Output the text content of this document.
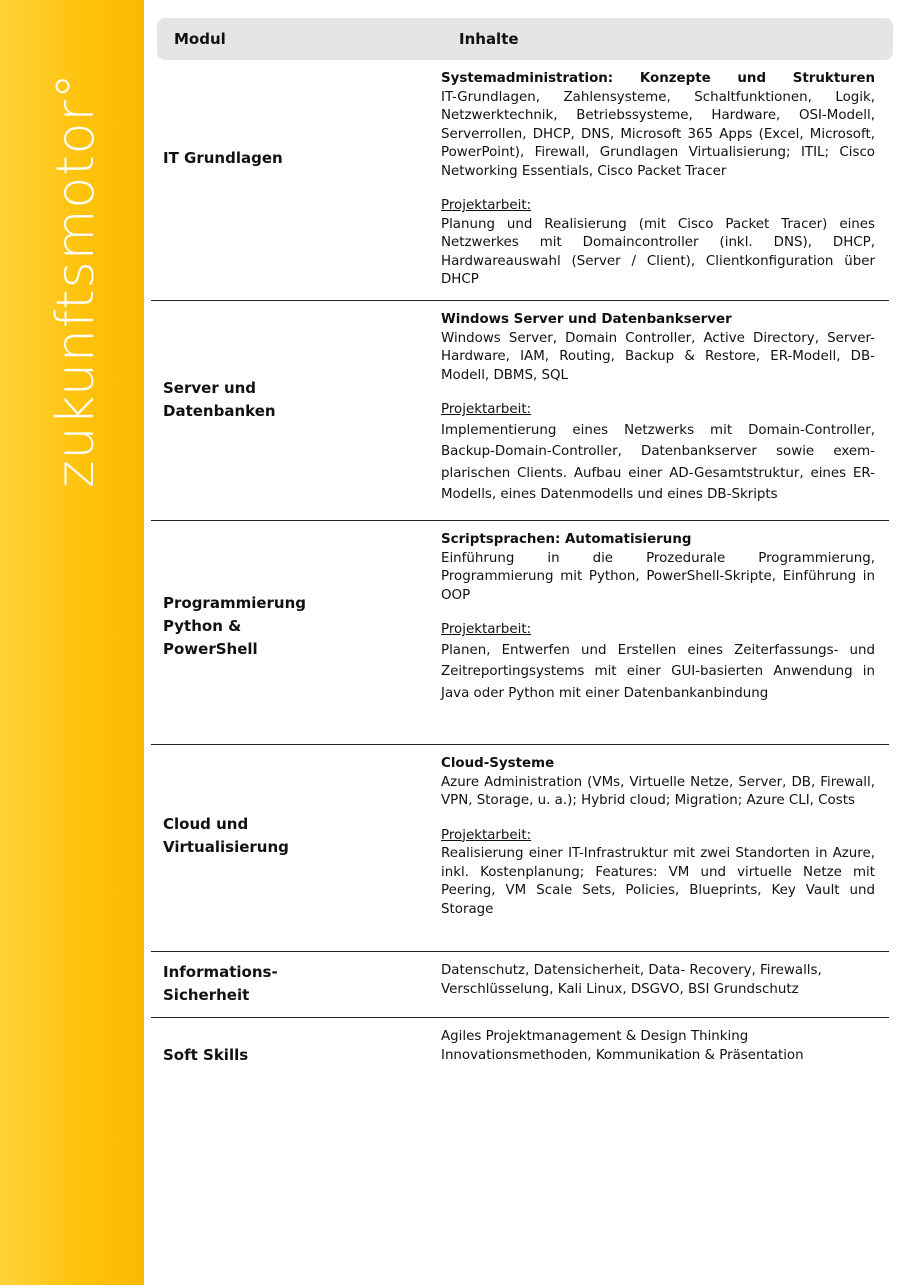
zukunftsmotor°
Modul	Inhalte
IT Grundlagen

Systemadministration: Konzepte und Strukturen

IT-Grundlagen, Zahlensysteme, Schaltfunktionen, Logik, Netzwerktechnik, Betriebssysteme, Hardware, OSI-Modell, Serverrollen, DHCP, DNS, Microsoft 365 Apps (Excel, Microsoft, PowerPoint), Firewall, Grundlagen Virtualisierung; ITIL; Cisco Networking Essentials, Cisco Packet Tracer

Projektarbeit:

Planung und Realisierung (mit Cisco Packet Tracer) eines Netzwerkes mit Domaincontroller (inkl. DNS), DHCP, Hardwareauswahl (Server / Client), Clientkonfiguration über DHCP

Server und
Datenbanken

Windows Server und Datenbankserver

Windows Server, Domain Controller, Active Directory, Server-Hardware, IAM, Routing, Backup & Restore, ER-Modell, DB-Modell, DBMS, SQL

Projektarbeit:

Implementierung eines Netzwerks mit Domain-Controller, Backup-Domain-Controller, Datenbankserver sowie exem-plarischen Clients. Aufbau einer AD-Gesamtstruktur, eines ER-Modells, eines Datenmodells und eines DB-Skripts

Programmierung
Python &
PowerShell

Scriptsprachen: Automatisierung

Einführung in die Prozedurale Programmierung, Programmierung mit Python, PowerShell-Skripte, Einführung in OOP

Projektarbeit:

Planen, Entwerfen und Erstellen eines Zeiterfassungs- und Zeitreportingsystems mit einer GUI-basierten Anwendung in Java oder Python mit einer Datenbankanbindung

Cloud und
Virtualisierung

Cloud-Systeme

Azure Administration (VMs, Virtuelle Netze, Server, DB, Firewall, VPN, Storage, u. a.); Hybrid cloud; Migration; Azure CLI, Costs

Projektarbeit:

Realisierung einer IT-Infrastruktur mit zwei Standorten in Azure, inkl. Kostenplanung; Features: VM und virtuelle Netze mit Peering, VM Scale Sets, Policies, Blueprints, Key Vault und Storage

Informations-
Sicherheit

Datenschutz, Datensicherheit, Data- Recovery, Firewalls, Verschlüsselung, Kali Linux, DSGVO, BSI Grundschutz

Soft Skills
Agiles Projektmanagement & Design Thinking
Innovationsmethoden, Kommunikation & Präsentation
